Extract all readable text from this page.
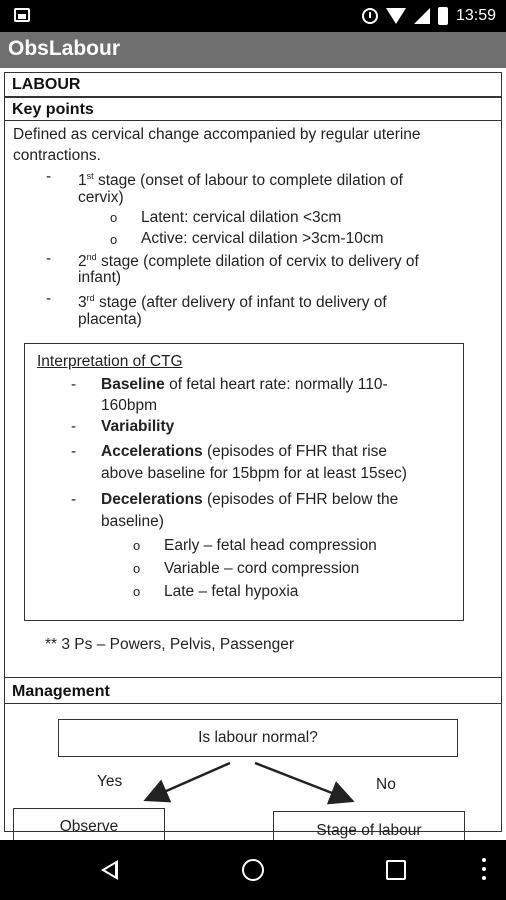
13:59
ObsLabour
LABOUR
Key points
Defined as cervical change accompanied by regular uterine
contractions.
- 1st stage (onset of labour to complete dilation of
cervix)
o Latent: cervical dilation <3cm
o Active: cervical dilation >3cm-10cm
- 2nd stage (complete dilation of cervix to delivery of
infant)
- 3rd stage (after delivery of infant to delivery of
placenta)
Interpretation of CTG
- Baseline of fetal heart rate: normally 110-
160bpm
- Variability
- Accelerations (episodes of FHR that rise
above baseline for 15bpm for at least 15sec)
- Decelerations (episodes of FHR below the
baseline)
o Early – fetal head compression
o Variable – cord compression
o Late – fetal hypoxia
** 3 Ps – Powers, Pelvis, Passenger
Management
Is labour normal?
Yes	No
Observe	Stage of labour
